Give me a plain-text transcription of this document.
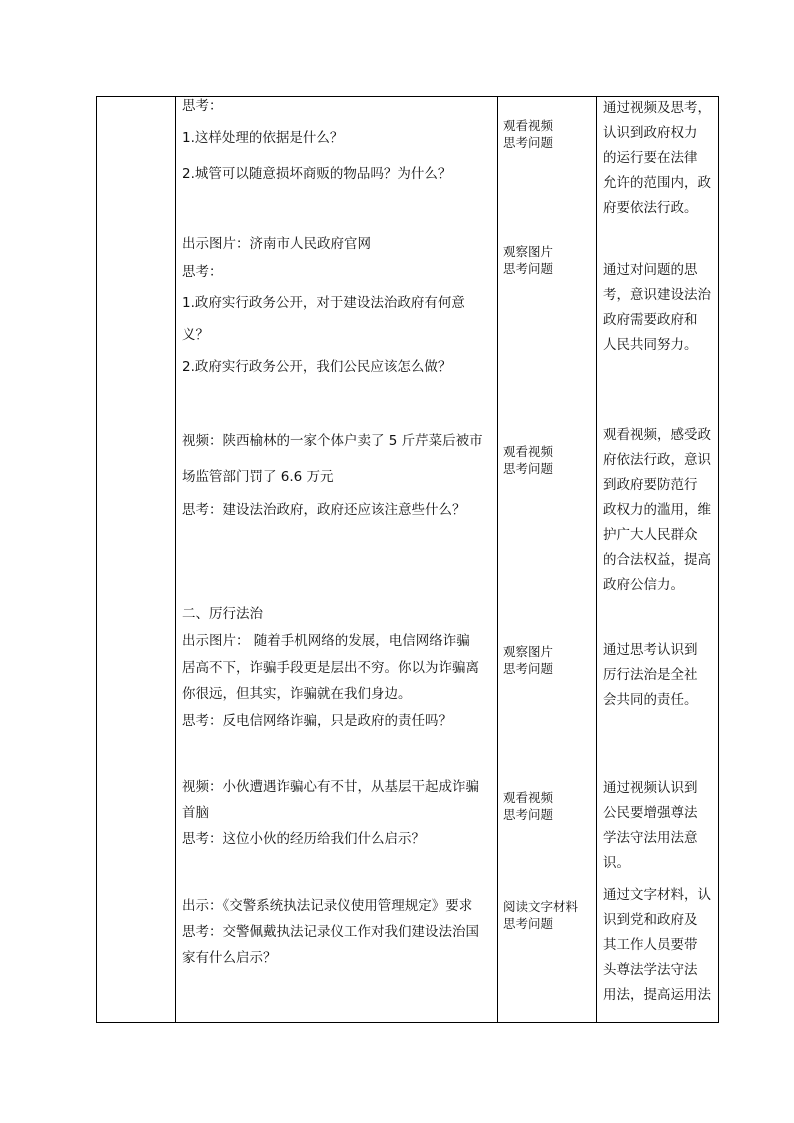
思考：
1.这样处理的依据是什么？
2.城管可以随意损坏商贩的物品吗？为什么？
出示图片：济南市人民政府官网
思考：
1.政府实行政务公开，对于建设法治政府有何意
义？
2.政府实行政务公开，我们公民应该怎么做？
视频：陕西榆林的一家个体户卖了 5 斤芹菜后被市
场监管部门罚了 6.6 万元
思考：建设法治政府，政府还应该注意些什么？
二、厉行法治
出示图片： 随着手机网络的发展，电信网络诈骗
居高不下，诈骗手段更是层出不穷。你以为诈骗离
你很远，但其实，诈骗就在我们身边。
思考：反电信网络诈骗，只是政府的责任吗？
视频：小伙遭遇诈骗心有不甘，从基层干起成诈骗
首脑
思考：这位小伙的经历给我们什么启示？
出示：《交警系统执法记录仪使用管理规定》要求
思考：交警佩戴执法记录仪工作对我们建设法治国
家有什么启示？
观看视频
思考问题
观察图片
思考问题
观看视频
思考问题
观察图片
思考问题
观看视频
思考问题
阅读文字材料
思考问题
通过视频及思考，
认识到政府权力
的运行要在法律
允许的范围内，政
府要依法行政。
通过对问题的思
考，意识建设法治
政府需要政府和
人民共同努力。
观看视频，感受政
府依法行政，意识
到政府要防范行
政权力的滥用，维
护广大人民群众
的合法权益，提高
政府公信力。
通过思考认识到
厉行法治是全社
会共同的责任。
通过视频认识到
公民要增强尊法
学法守法用法意
识。
通过文字材料，认
识到党和政府及
其工作人员要带
头尊法学法守法
用法，提高运用法
